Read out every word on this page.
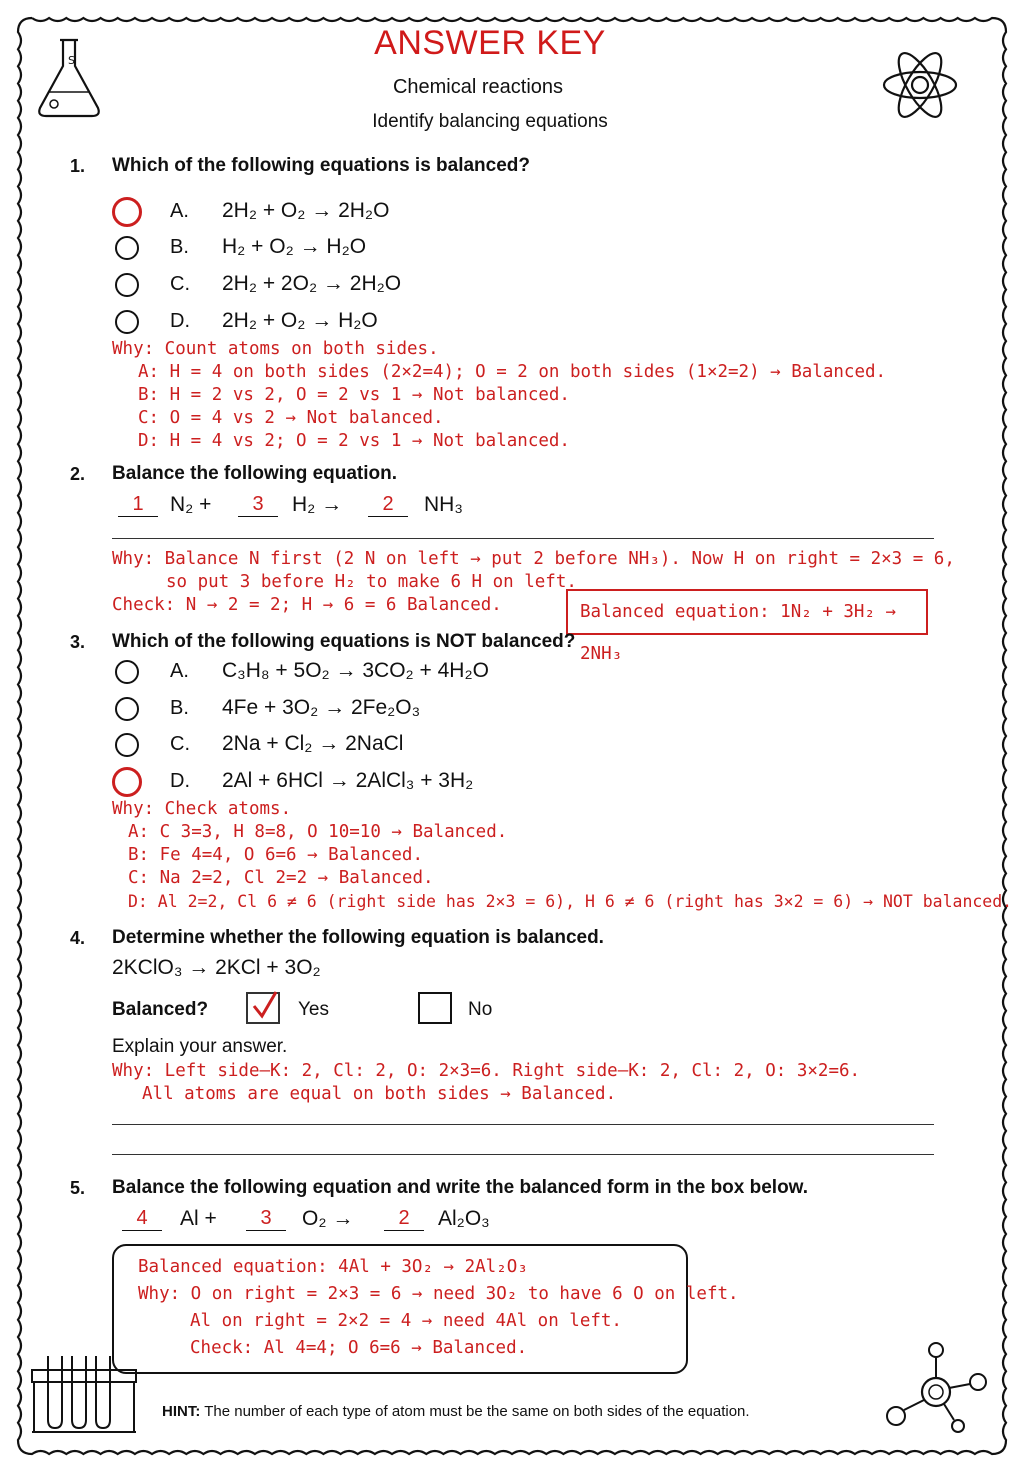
S	ANSWER KEY
Chemical reactions
Identify balancing equations
1. Which of the following equations is balanced?
A. 2H₂ + O₂ → 2H₂O
B. H₂ + O₂ → H₂O
C. 2H₂ + 2O₂ → 2H₂O
D. 2H₂ + O₂ → H₂O
Why: Count atoms on both sides.
A: H = 4 on both sides (2×2=4); O = 2 on both sides (1×2=2) → Balanced.
B: H = 2 vs 2, O = 2 vs 1 → Not balanced.
C: O = 4 vs 2 → Not balanced.
D: H = 4 vs 2; O = 2 vs 1 → Not balanced.
2. Balance the following equation.
1	N₂ +	3	H₂ →	2	NH₃
Why: Balance N first (2 N on left → put 2 before NH₃). Now H on right = 2×3 = 6,
so put 3 before H₂ to make 6 H on left.
Check: N → 2 = 2; H → 6 = 6 Balanced.	Balanced equation: 1N₂ + 3H₂ → 2NH₃
3. Which of the following equations is NOT balanced?
A. C₃H₈ + 5O₂ → 3CO₂ + 4H₂O
B. 4Fe + 3O₂ → 2Fe₂O₃
C. 2Na + Cl₂ → 2NaCl
D. 2Al + 6HCl → 2AlCl₃ + 3H₂
Why: Check atoms.
A: C 3=3, H 8=8, O 10=10 → Balanced.
B: Fe 4=4, O 6=6 → Balanced.
C: Na 2=2, Cl 2=2 → Balanced.
D: Al 2=2, Cl 6 ≠ 6 (right side has 2×3 = 6), H 6 ≠ 6 (right has 3×2 = 6) → NOT balanced.
4. Determine whether the following equation is balanced.
2KClO₃ → 2KCl + 3O₂
Balanced?	Yes	No
Explain your answer.
Why: Left side—K: 2, Cl: 2, O: 2×3=6. Right side—K: 2, Cl: 2, O: 3×2=6.
All atoms are equal on both sides → Balanced.
5. Balance the following equation and write the balanced form in the box below.
4	Al +	3	O₂ →	2	Al₂O₃
Balanced equation: 4Al + 3O₂ → 2Al₂O₃
Why: O on right = 2×3 = 6 → need 3O₂ to have 6 O on left.
Al on right = 2×2 = 4 → need 4Al on left.
Check: Al 4=4; O 6=6 → Balanced.
HINT: The number of each type of atom must be the same on both sides of the equation.
